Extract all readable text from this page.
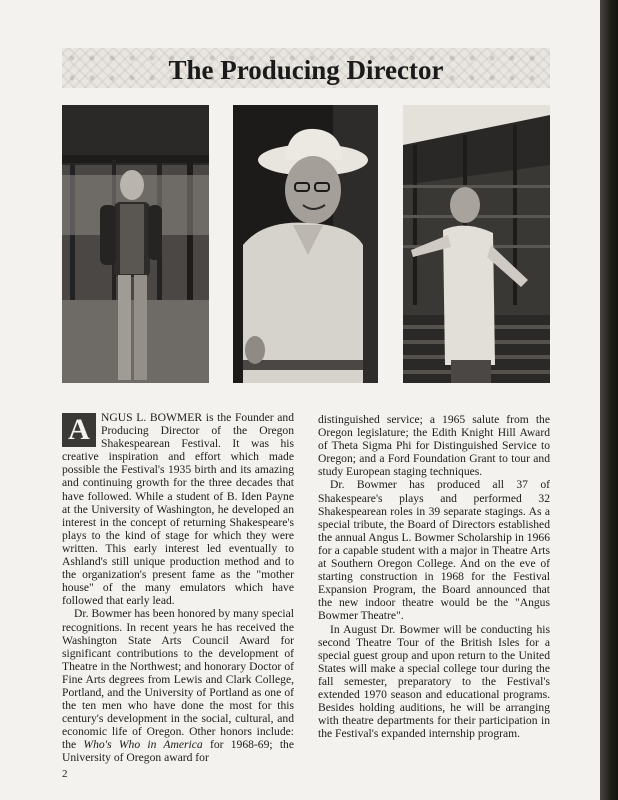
The Producing Director

A NGUS L. BOWMER is the Founder and Producing Director of the Oregon Shakespearean Festival. It was his creative inspiration and effort which made possible the Festival's 1935 birth and its amazing and continuing growth for the three decades that have followed. While a student of B. Iden Payne at the University of Washington, he developed an interest in the concept of returning Shakespeare's plays to the kind of stage for which they were written. This early interest led eventually to Ashland's still unique production method and to the organization's present fame as the "mother house" of the many emulators which have followed that early lead.

Dr. Bowmer has been honored by many special recognitions. In recent years he has received the Washington State Arts Council Award for significant contributions to the development of Theatre in the Northwest; and honorary Doctor of Fine Arts degrees from Lewis and Clark College, Portland, and the University of Portland as one of the ten men who have done the most for this century's development in the social, cultural, and economic life of Oregon. Other honors include: the Who's Who in America for 1968-69; the University of Oregon award for

distinguished service; a 1965 salute from the Oregon legislature; the Edith Knight Hill Award of Theta Sigma Phi for Distinguished Service to Oregon; and a Ford Foundation Grant to tour and study European staging techniques.

Dr. Bowmer has produced all 37 of Shakespeare's plays and performed 32 Shakespearean roles in 39 separate stagings. As a special tribute, the Board of Directors established the annual Angus L. Bowmer Scholarship in 1966 for a capable student with a major in Theatre Arts at Southern Oregon College. And on the eve of starting construction in 1968 for the Festival Expansion Program, the Board announced that the new indoor theatre would be the "Angus Bowmer Theatre".

In August Dr. Bowmer will be conducting his second Theatre Tour of the British Isles for a special guest group and upon return to the United States will make a special college tour during the fall semester, preparatory to the Festival's extended 1970 season and educational programs. Besides holding auditions, he will be arranging with theatre departments for their participation in the Festival's expanded internship program.

2
